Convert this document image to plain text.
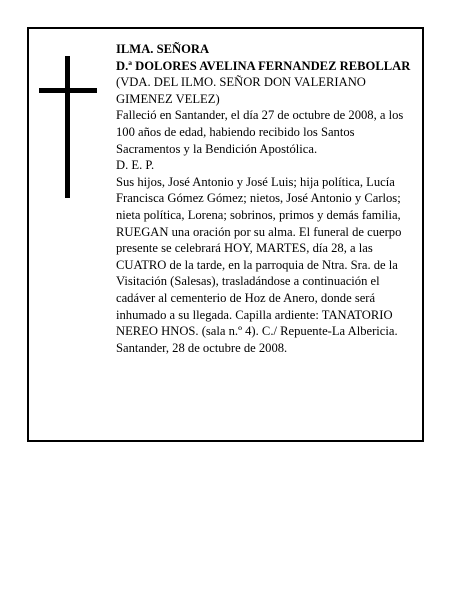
ILMA. SEÑORA

D.ª DOLORES AVELINA FERNANDEZ REBOLLAR

(VDA. DEL ILMO. SEÑOR DON VALERIANO GIMENEZ VELEZ)

Falleció en Santander, el día 27 de octubre de 2008, a los 100 años de edad, habiendo recibido los Santos Sacramentos y la Bendición Apostólica.

D. E. P.

Sus hijos, José Antonio y José Luis; hija política, Lucía Francisca Gómez Gómez; nietos, José Antonio y Carlos; nieta política, Lorena; sobrinos, primos y demás familia,

RUEGAN una oración por su alma. El funeral de cuerpo presente se celebrará HOY, MARTES, día 28, a las CUATRO de la tarde, en la parroquia de Ntra. Sra. de la Visitación (Salesas), trasladándose a continuación el cadáver al cementerio de Hoz de Anero, donde será inhumado a su llegada. Capilla ardiente: TANATORIO NEREO HNOS. (sala n.º 4). C./ Repuente-La Albericia.

Santander, 28 de octubre de 2008.
